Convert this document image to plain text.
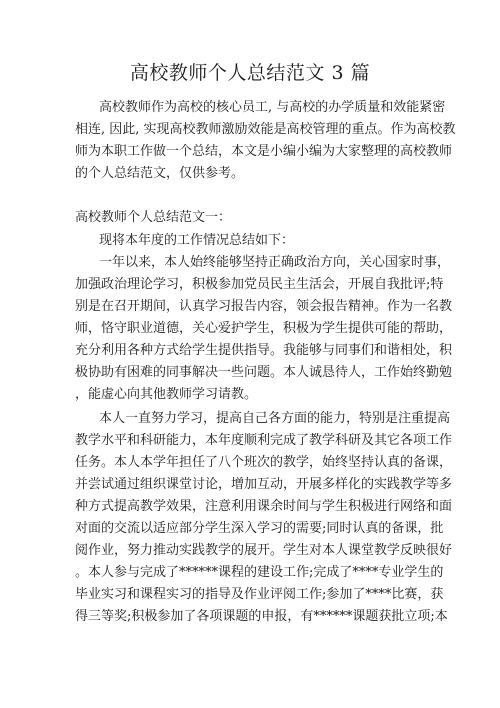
高校教师个人总结范文 3 篇
高校教师作为高校的核心员工, 与高校的办学质量和效能紧密
相连, 因此, 实现高校教师激励效能是高校管理的重点。作为高校教
师为本职工作做一个总结，本文是小编小编为大家整理的高校教师
的个人总结范文，仅供参考。
高校教师个人总结范文一：
现将本年度的工作情况总结如下：
一年以来，本人始终能够坚持正确政治方向，关心国家时事，
加强政治理论学习，积极参加党员民主生活会，开展自我批评;特
别是在召开期间，认真学习报告内容，领会报告精神。作为一名教
师，恪守职业道德，关心爱护学生，积极为学生提供可能的帮助，
充分利用各种方式给学生提供指导。我能够与同事们和谐相处，积
极协助有困难的同事解决一些问题。本人诚恳待人，工作始终勤勉
，能虚心向其他教师学习请教。
本人一直努力学习，提高自己各方面的能力，特别是注重提高
教学水平和科研能力，本年度顺利完成了教学科研及其它各项工作
任务。本人本学年担任了八个班次的教学，始终坚持认真的备课，
并尝试通过组织课堂讨论，增加互动，开展多样化的实践教学等多
种方式提高教学效果，注意利用课余时间与学生积极进行网络和面
对面的交流以适应部分学生深入学习的需要;同时认真的备课，批
阅作业，努力推动实践教学的展开。学生对本人课堂教学反映很好
。本人参与完成了******课程的建设工作;完成了****专业学生的
毕业实习和课程实习的指导及作业评阅工作;参加了****比赛，获
得三等奖;积极参加了各项课题的申报，有******课题获批立项;本
